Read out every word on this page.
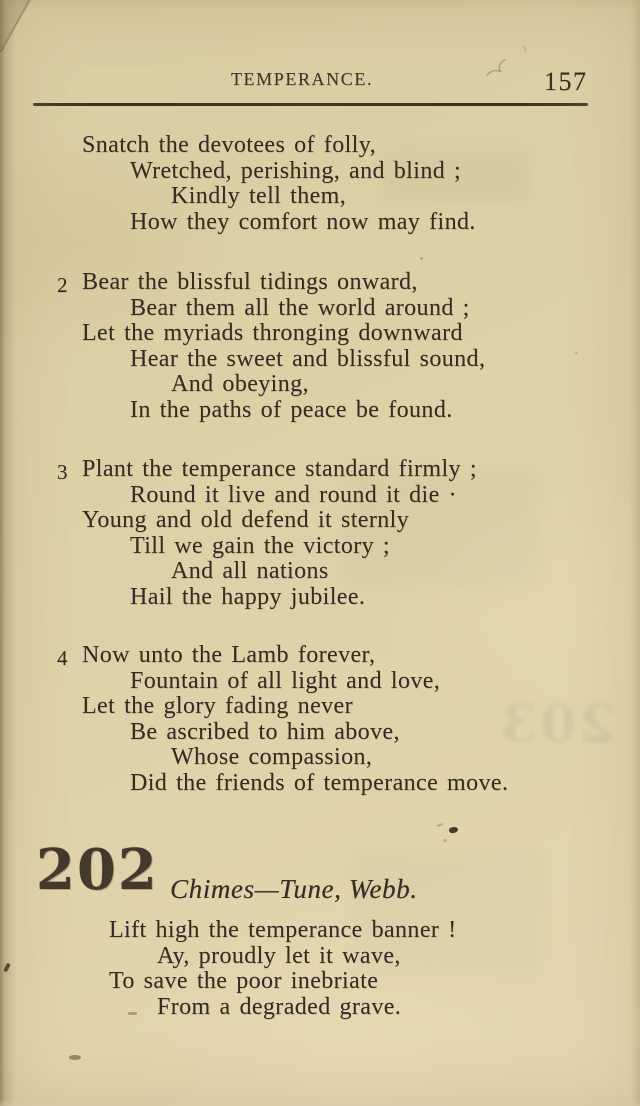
203
TEMPERANCE.	157
Snatch the devotees of folly,
Wretched, perishing, and blind ;
Kindly tell them,
How they comfort now may find.
2 Bear the blissful tidings onward,
Bear them all the world around ;
Let the myriads thronging downward
Hear the sweet and blissful sound,
And obeying,
In the paths of peace be found.
3 Plant the temperance standard firmly ;
Round it live and round it die ·
Young and old defend it sternly
Till we gain the victory ;
And all nations
Hail the happy jubilee.
4 Now unto the Lamb forever,
Fountain of all light and love,
Let the glory fading never
Be ascribed to him above,
Whose compassion,
Did the friends of temperance move.
202 Chimes—Tune, Webb.
Lift high the temperance banner !
Ay, proudly let it wave,
To save the poor inebriate
From a degraded grave.
